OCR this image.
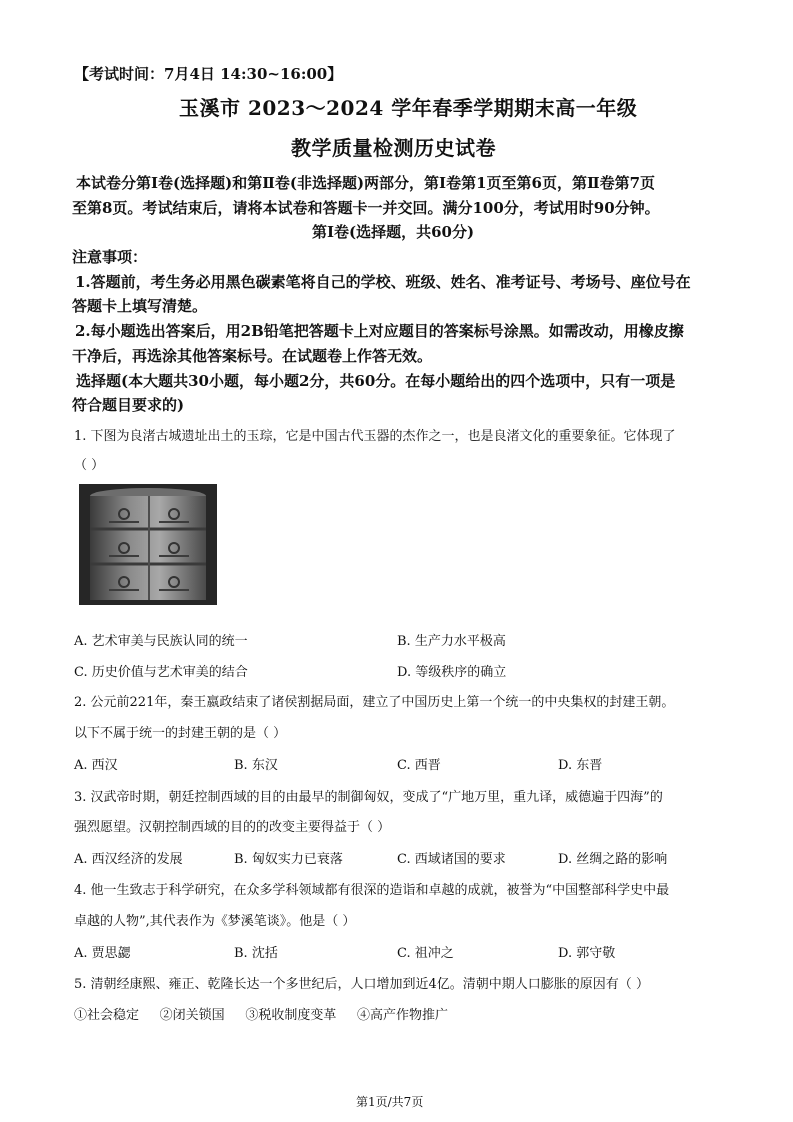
【考试时间：7月4日 14:30~16:00】
玉溪市 2023～2024 学年春季学期期末高一年级
教学质量检测历史试卷
本试卷分第Ⅰ卷(选择题)和第Ⅱ卷(非选择题)两部分，第Ⅰ卷第1页至第6页，第Ⅱ卷第7页
至第8页。考试结束后，请将本试卷和答题卡一并交回。满分100分，考试用时90分钟。
第Ⅰ卷(选择题，共60分)
注意事项：
1.答题前，考生务必用黑色碳素笔将自己的学校、班级、姓名、准考证号、考场号、座位号在
答题卡上填写清楚。
2.每小题选出答案后，用2B铅笔把答题卡上对应题目的答案标号涂黑。如需改动，用橡皮擦
干净后，再选涂其他答案标号。在试题卷上作答无效。
选择题(本大题共30小题，每小题2分，共60分。在每小题给出的四个选项中，只有一项是
符合题目要求的)
1. 下图为良渚古城遗址出土的玉琮，它是中国古代玉器的杰作之一，也是良渚文化的重要象征。它体现了
（ ）
A. 艺术审美与民族认同的统一	B. 生产力水平极高
C. 历史价值与艺术审美的结合	D. 等级秩序的确立
2. 公元前221年，秦王嬴政结束了诸侯割据局面，建立了中国历史上第一个统一的中央集权的封建王朝。
以下不属于统一的封建王朝的是（ ）
A. 西汉	B. 东汉	C. 西晋	D. 东晋
3. 汉武帝时期，朝廷控制西域的目的由最早的制御匈奴，变成了“广地万里，重九译，威德遍于四海”的
强烈愿望。汉朝控制西域的目的的改变主要得益于（ ）
A. 西汉经济的发展	B. 匈奴实力已衰落	C. 西域诸国的要求	D. 丝绸之路的影响
4. 他一生致志于科学研究，在众多学科领域都有很深的造诣和卓越的成就，被誉为“中国整部科学史中最
卓越的人物”,其代表作为《梦溪笔谈》。他是（ ）
A. 贾思勰	B. 沈括	C. 祖冲之	D. 郭守敬
5. 清朝经康熙、雍正、乾隆长达一个多世纪后，人口增加到近4亿。清朝中期人口膨胀的原因有（ ）
①社会稳定     ②闭关锁国     ③税收制度变革     ④高产作物推广
第1页/共7页
